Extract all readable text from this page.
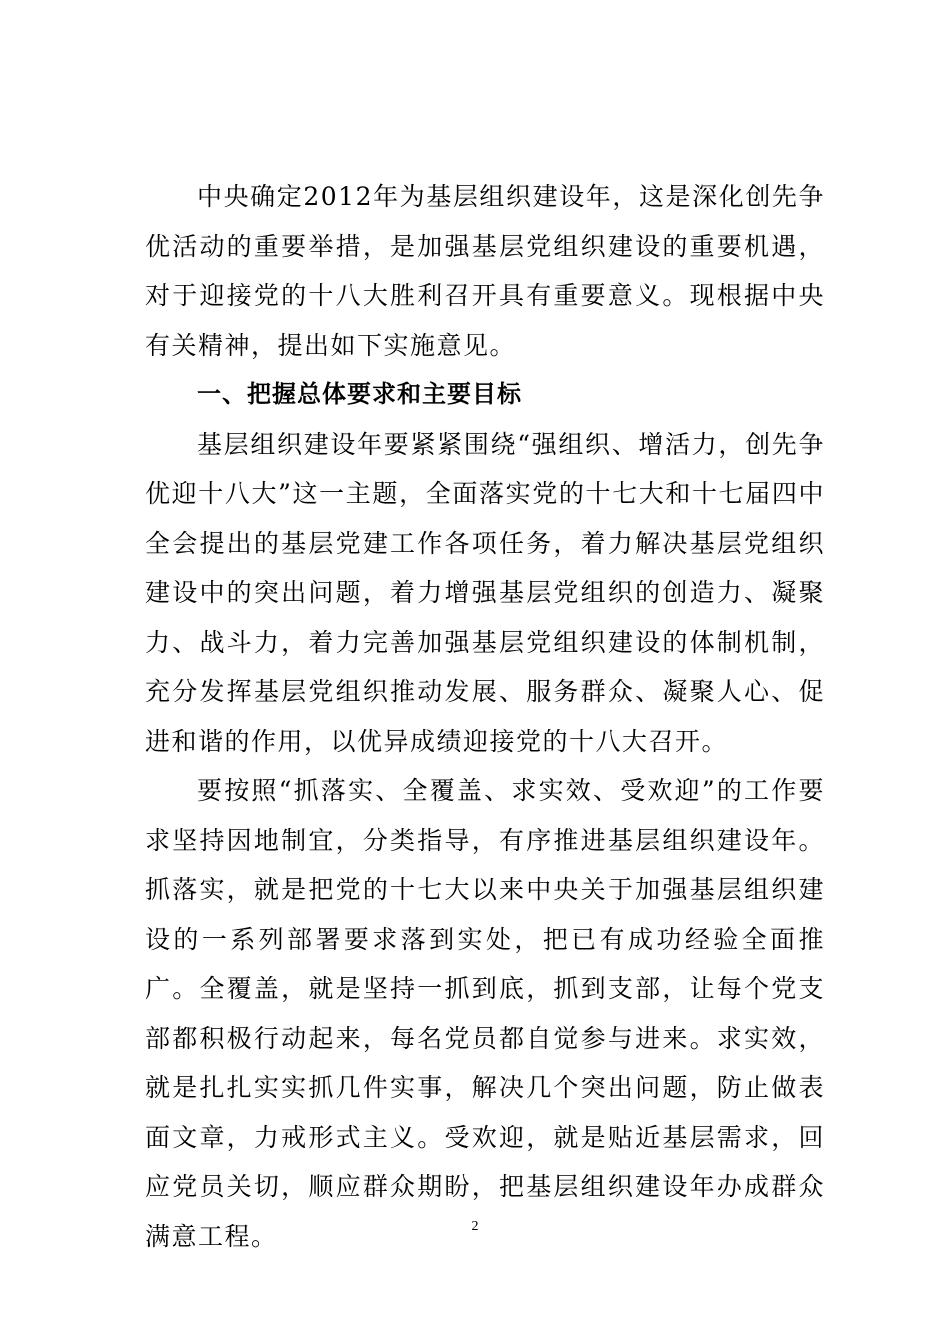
中央确定2012年为基层组织建设年，这是深化创先争优活动的重要举措，是加强基层党组织建设的重要机遇，对于迎接党的十八大胜利召开具有重要意义。现根据中央有关精神，提出如下实施意见。

一、把握总体要求和主要目标

基层组织建设年要紧紧围绕“强组织、增活力，创先争优迎十八大”这一主题，全面落实党的十七大和十七届四中全会提出的基层党建工作各项任务，着力解决基层党组织建设中的突出问题，着力增强基层党组织的创造力、凝聚力、战斗力，着力完善加强基层党组织建设的体制机制，充分发挥基层党组织推动发展、服务群众、凝聚人心、促进和谐的作用，以优异成绩迎接党的十八大召开。

要按照“抓落实、全覆盖、求实效、受欢迎”的工作要求坚持因地制宜，分类指导，有序推进基层组织建设年。抓落实，就是把党的十七大以来中央关于加强基层组织建设的一系列部署要求落到实处，把已有成功经验全面推广。全覆盖，就是坚持一抓到底，抓到支部，让每个党支部都积极行动起来，每名党员都自觉参与进来。求实效，就是扎扎实实抓几件实事，解决几个突出问题，防止做表面文章，力戒形式主义。受欢迎，就是贴近基层需求，回应党员关切，顺应群众期盼，把基层组织建设年办成群众满意工程。	2
